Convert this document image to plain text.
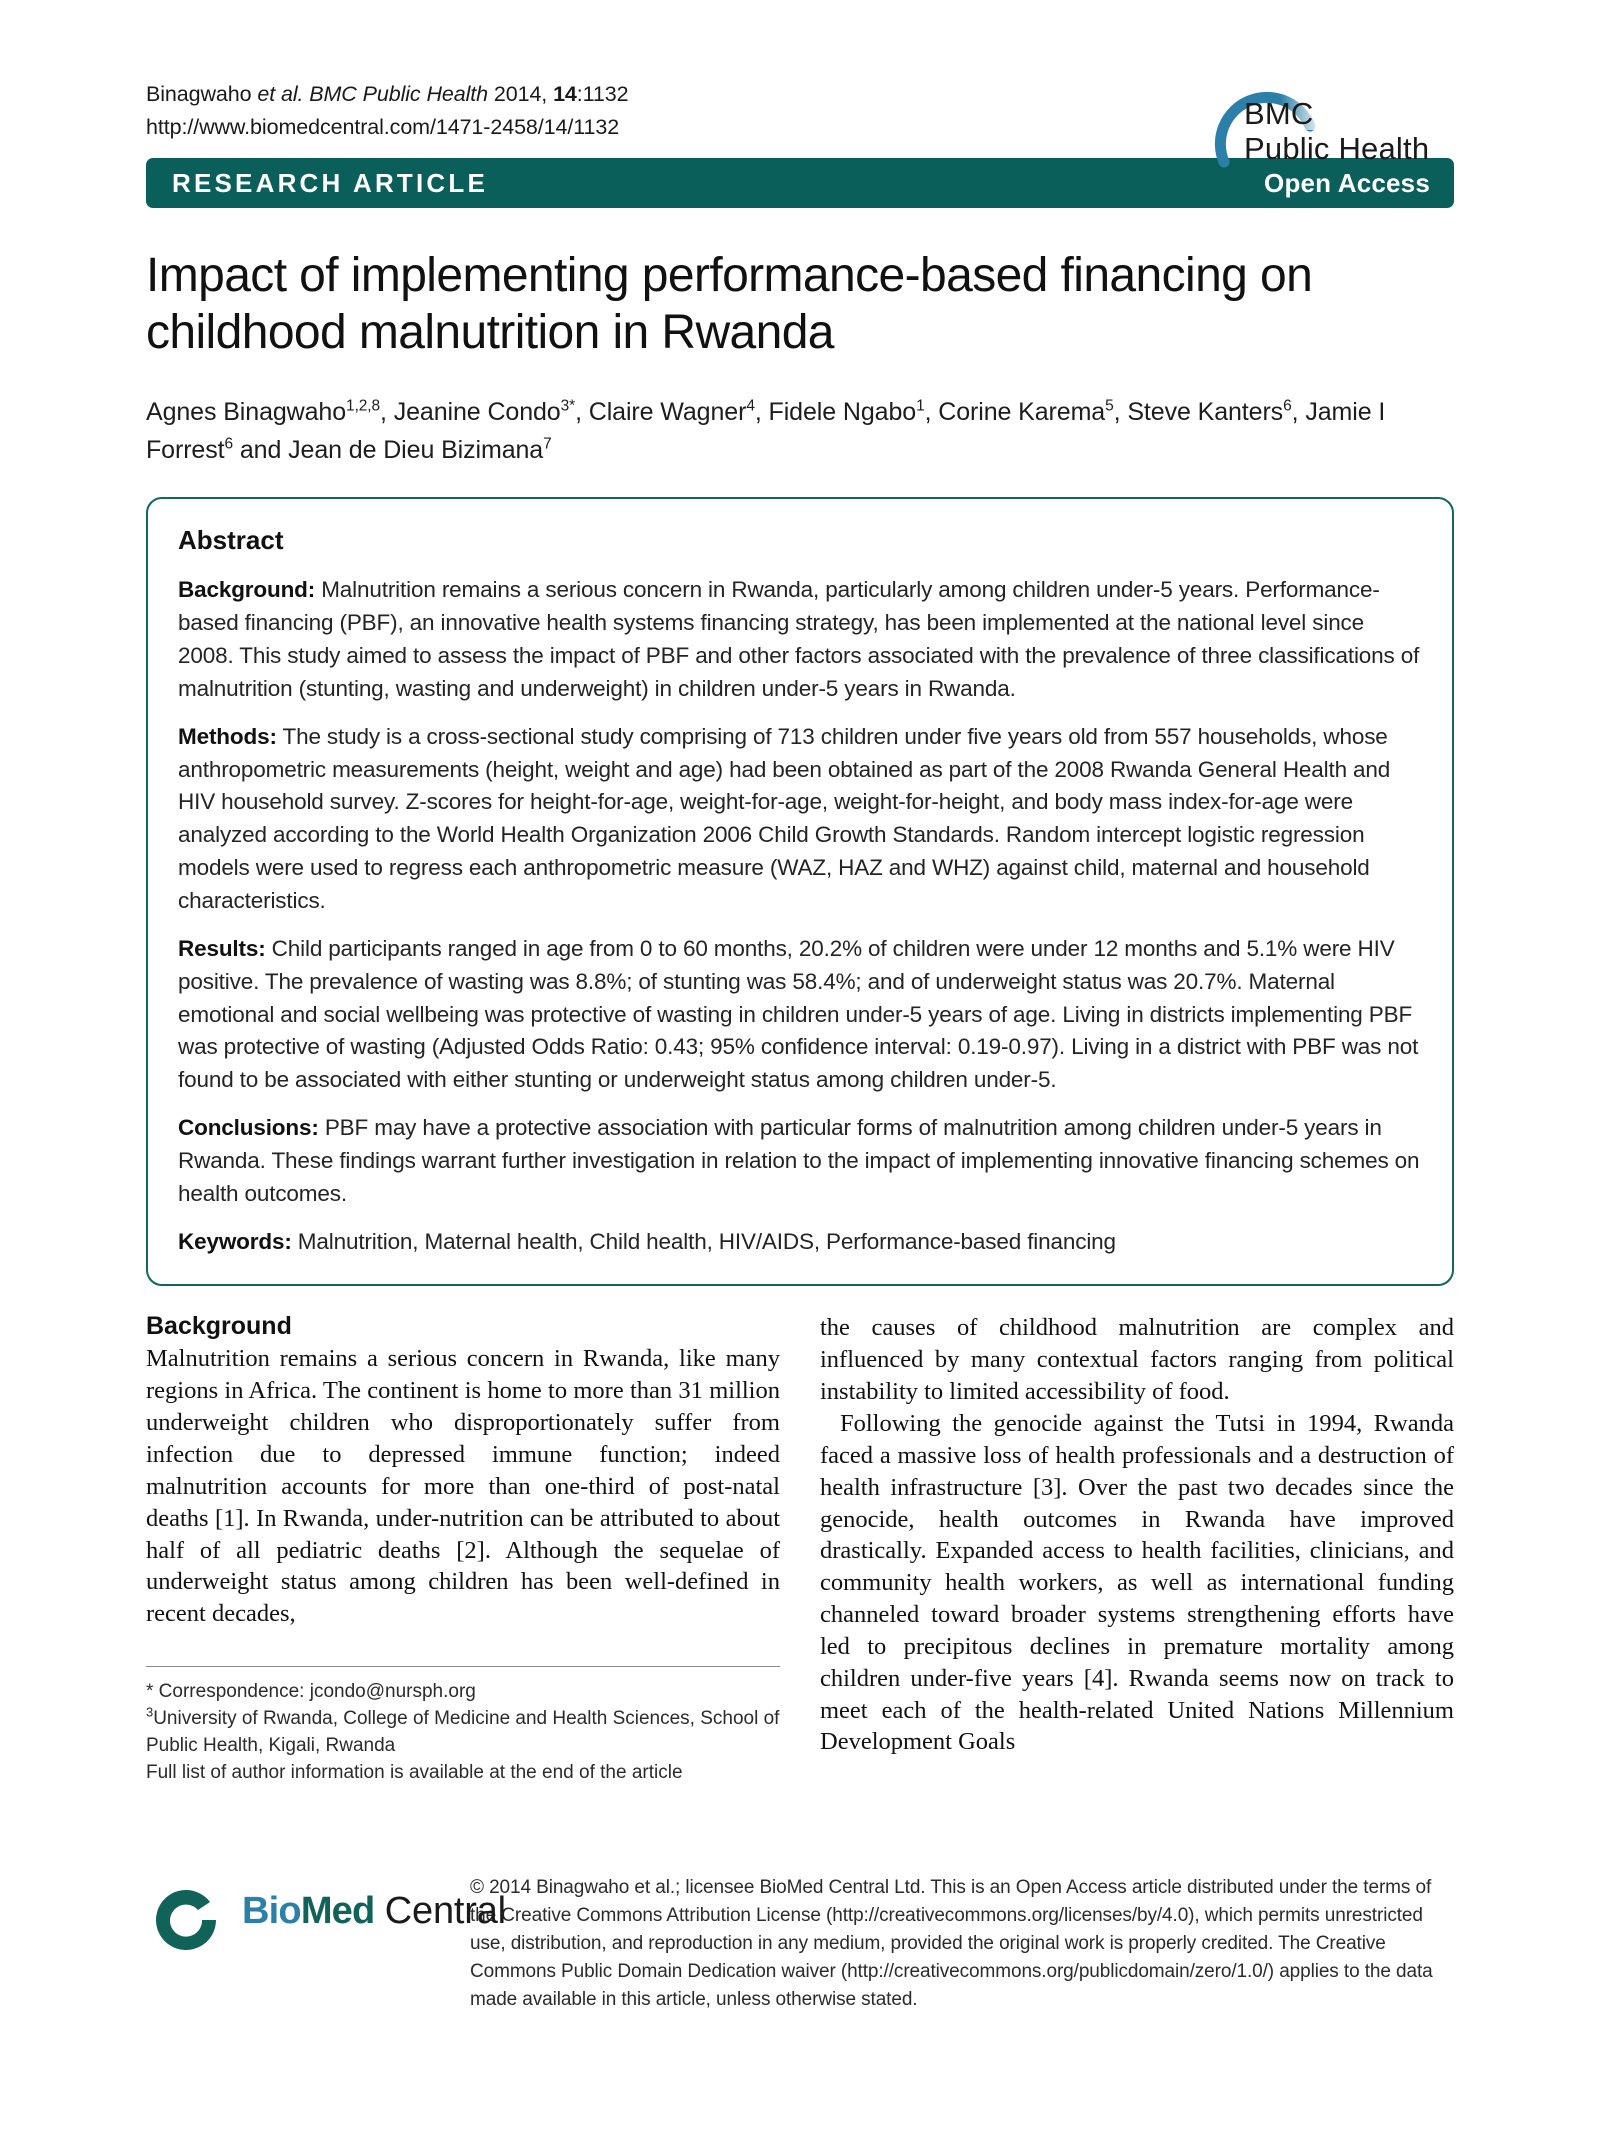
Binagwaho et al. BMC Public Health 2014, 14:1132
http://www.biomedcentral.com/1471-2458/14/1132	BMC
Public Health
RESEARCH ARTICLE	Open Access
Impact of implementing performance-based financing on childhood malnutrition in Rwanda
Agnes Binagwaho$^{1,2,8}$, Jeanine Condo$^{3*}$, Claire Wagner$^4$, Fidele Ngabo$^1$, Corine Karema$^5$, Steve Kanters$^6$, Jamie I Forrest$^6$ and Jean de Dieu Bizimana$^7$
Abstract

Background: Malnutrition remains a serious concern in Rwanda, particularly among children under-5 years. Performance-based financing (PBF), an innovative health systems financing strategy, has been implemented at the national level since 2008. This study aimed to assess the impact of PBF and other factors associated with the prevalence of three classifications of malnutrition (stunting, wasting and underweight) in children under-5 years in Rwanda.

Methods: The study is a cross-sectional study comprising of 713 children under five years old from 557 households, whose anthropometric measurements (height, weight and age) had been obtained as part of the 2008 Rwanda General Health and HIV household survey. Z-scores for height-for-age, weight-for-age, weight-for-height, and body mass index-for-age were analyzed according to the World Health Organization 2006 Child Growth Standards. Random intercept logistic regression models were used to regress each anthropometric measure (WAZ, HAZ and WHZ) against child, maternal and household characteristics.

Results: Child participants ranged in age from 0 to 60 months, 20.2% of children were under 12 months and 5.1% were HIV positive. The prevalence of wasting was 8.8%; of stunting was 58.4%; and of underweight status was 20.7%. Maternal emotional and social wellbeing was protective of wasting in children under-5 years of age. Living in districts implementing PBF was protective of wasting (Adjusted Odds Ratio: 0.43; 95% confidence interval: 0.19-0.97). Living in a district with PBF was not found to be associated with either stunting or underweight status among children under-5.

Conclusions: PBF may have a protective association with particular forms of malnutrition among children under-5 years in Rwanda. These findings warrant further investigation in relation to the impact of implementing innovative financing schemes on health outcomes.

Keywords: Malnutrition, Maternal health, Child health, HIV/AIDS, Performance-based financing

Background

Malnutrition remains a serious concern in Rwanda, like many regions in Africa. The continent is home to more than 31 million underweight children who disproportionately suffer from infection due to depressed immune function; indeed malnutrition accounts for more than one-third of post-natal deaths [1]. In Rwanda, under-nutrition can be attributed to about half of all pediatric deaths [2]. Although the sequelae of underweight status among children has been well-defined in recent decades,

* Correspondence: jcondo@nursph.org
$^3$University of Rwanda, College of Medicine and Health Sciences, School of Public Health, Kigali, Rwanda
Full list of author information is available at the end of the article

the causes of childhood malnutrition are complex and influenced by many contextual factors ranging from political instability to limited accessibility of food.

Following the genocide against the Tutsi in 1994, Rwanda faced a massive loss of health professionals and a destruction of health infrastructure [3]. Over the past two decades since the genocide, health outcomes in Rwanda have improved drastically. Expanded access to health facilities, clinicians, and community health workers, as well as international funding channeled toward broader systems strengthening efforts have led to precipitous declines in premature mortality among children under-five years [4]. Rwanda seems now on track to meet each of the health-related United Nations Millennium Development Goals

BioMed Central
© 2014 Binagwaho et al.; licensee BioMed Central Ltd. This is an Open Access article distributed under the terms of the Creative Commons Attribution License (http://creativecommons.org/licenses/by/4.0), which permits unrestricted use, distribution, and reproduction in any medium, provided the original work is properly credited. The Creative Commons Public Domain Dedication waiver (http://creativecommons.org/publicdomain/zero/1.0/) applies to the data made available in this article, unless otherwise stated.
